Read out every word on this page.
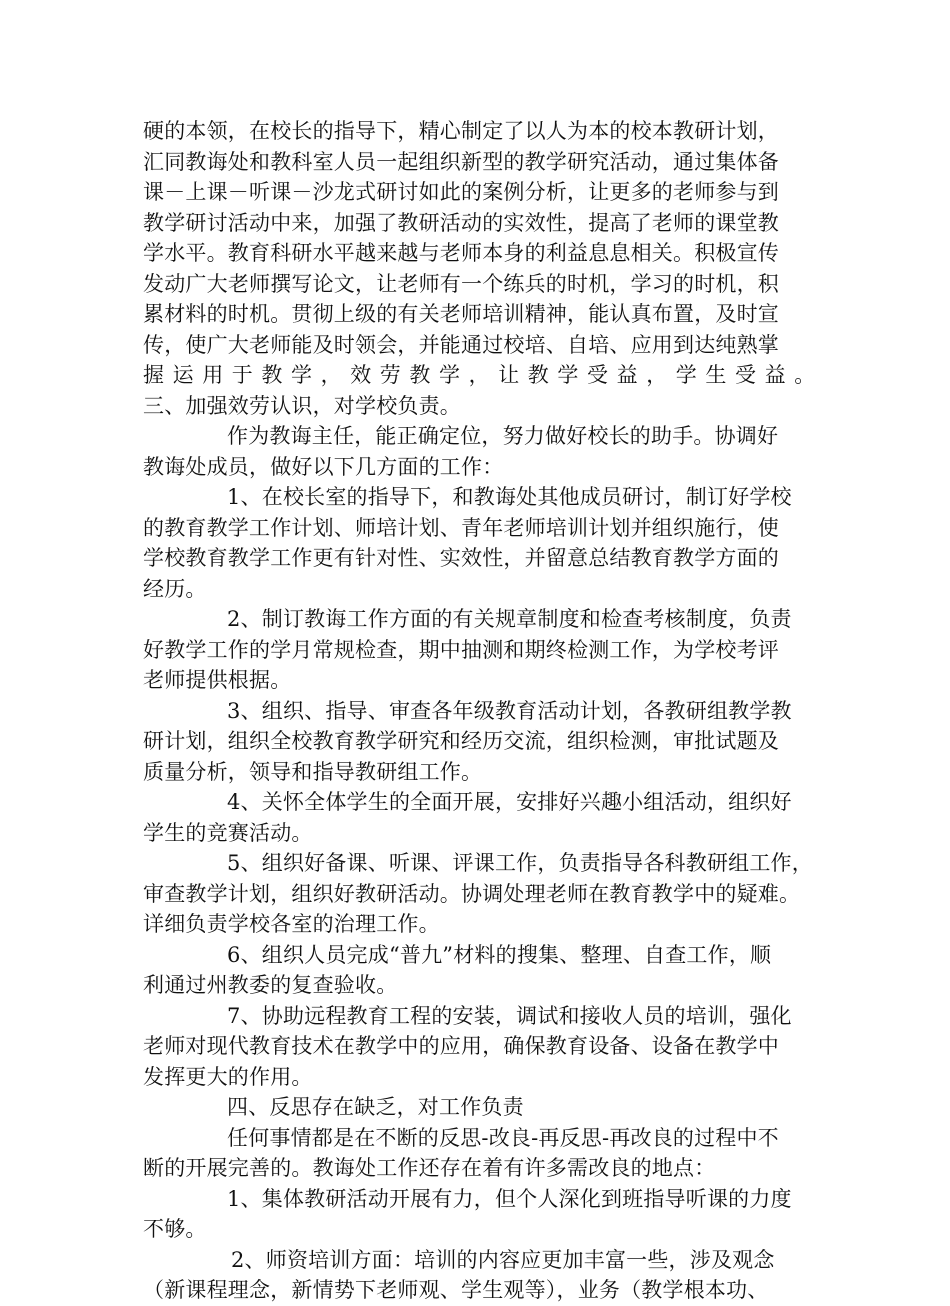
硬的本领，在校长的指导下，精心制定了以人为本的校本教研计划，
汇同教诲处和教科室人员一起组织新型的教学研究活动，通过集体备
课－上课－听课－沙龙式研讨如此的案例分析，让更多的老师参与到
教学研讨活动中来，加强了教研活动的实效性，提高了老师的课堂教
学水平。教育科研水平越来越与老师本身的利益息息相关。积极宣传
发动广大老师撰写论文，让老师有一个练兵的时机，学习的时机，积
累材料的时机。贯彻上级的有关老师培训精神，能认真布置，及时宣
传，使广大老师能及时领会，并能通过校培、自培、应用到达纯熟掌
握运用于教学，效劳教学，让教学受益，学生受益。
三、加强效劳认识，对学校负责。
作为教诲主任，能正确定位，努力做好校长的助手。协调好
教诲处成员，做好以下几方面的工作：
1、在校长室的指导下，和教诲处其他成员研讨，制订好学校
的教育教学工作计划、师培计划、青年老师培训计划并组织施行，使
学校教育教学工作更有针对性、实效性，并留意总结教育教学方面的
经历。
2、制订教诲工作方面的有关规章制度和检查考核制度，负责
好教学工作的学月常规检查，期中抽测和期终检测工作，为学校考评
老师提供根据。
3、组织、指导、审查各年级教育活动计划，各教研组教学教
研计划，组织全校教育教学研究和经历交流，组织检测，审批试题及
质量分析，领导和指导教研组工作。
4、关怀全体学生的全面开展，安排好兴趣小组活动，组织好
学生的竞赛活动。
5、组织好备课、听课、评课工作，负责指导各科教研组工作，
审查教学计划，组织好教研活动。协调处理老师在教育教学中的疑难。
详细负责学校各室的治理工作。
6、组织人员完成“普九”材料的搜集、整理、自查工作，顺
利通过州教委的复查验收。
7、协助远程教育工程的安装，调试和接收人员的培训，强化
老师对现代教育技术在教学中的应用，确保教育设备、设备在教学中
发挥更大的作用。
四、反思存在缺乏，对工作负责
任何事情都是在不断的反思-改良-再反思-再改良的过程中不
断的开展完善的。教诲处工作还存在着有许多需改良的地点：
1、集体教研活动开展有力，但个人深化到班指导听课的力度
不够。
2、师资培训方面：培训的内容应更加丰富一些，涉及观念
（新课程理念，新情势下老师观、学生观等），业务（教学根本功、
